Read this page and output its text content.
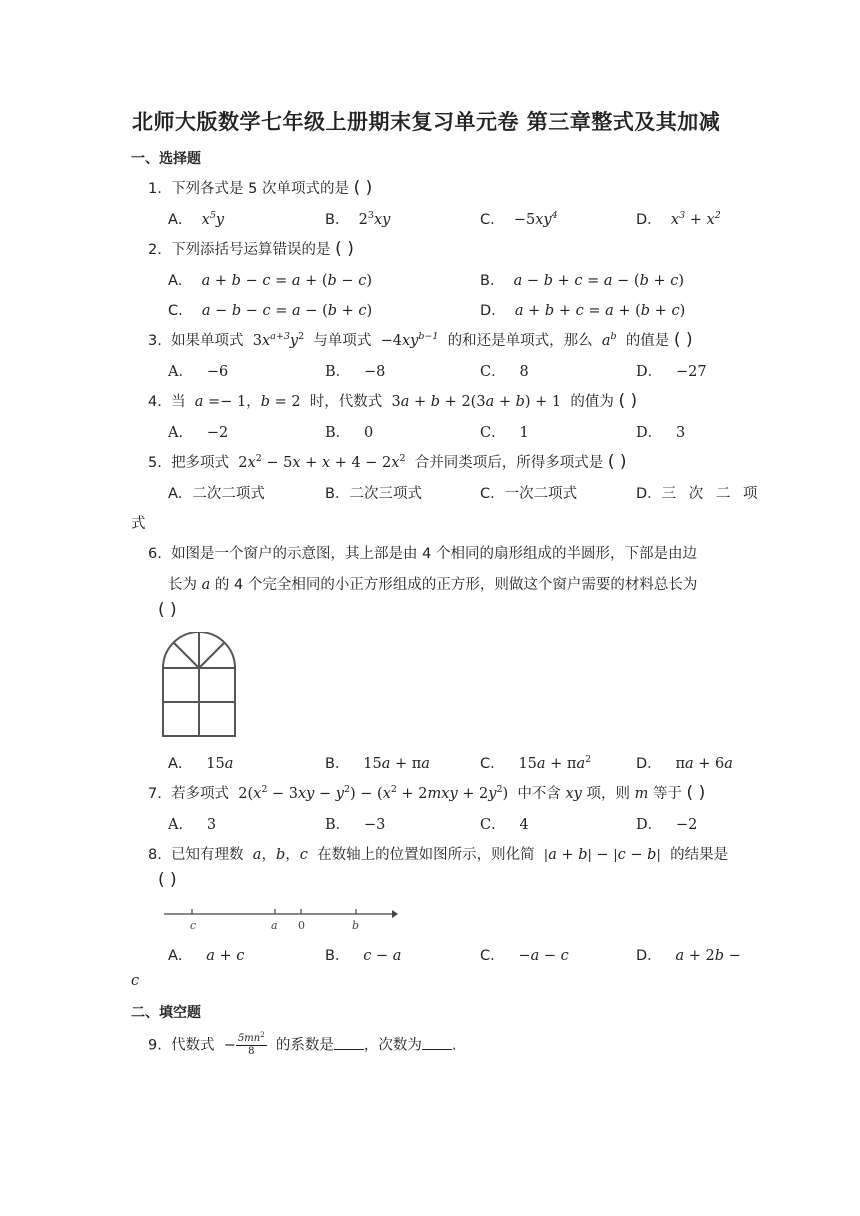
北师大版数学七年级上册期末复习单元卷 第三章整式及其加减
一、选择题
1. 下列各式是 5 次单项式的是 ( )
A． $x^5y$	B． $2^3xy$	C． $-5xy^4$	D． $x^3 + x^2$
2. 下列添括号运算错误的是 ( )
A． a + b − c = a + (b − c)	B． a − b + c = a − (b + c)
C． a − b − c = a − (b + c)	D． a + b + c = a + (b + c)
3. 如果单项式 $3x^{a+3}y^2$ 与单项式 $-4xy^{b-1}$ 的和还是单项式，那么 $a^b$ 的值是 ( )
A． −6	B． −8	C． 8	D． −27
4. 当 a =− 1，b = 2 时，代数式 3a + b + 2(3a + b) + 1 的值为 ( )
A． −2	B． 0	C． 1	D． 3
5. 把多项式 $2x^2 - 5x + x + 4 - 2x^2$ 合并同类项后，所得多项式是 ( )
A．二次二项式	B．二次三项式	C．一次二项式	D．三 次 二 项
式
6. 如图是一个窗户的示意图，其上部是由 4 个相同的扇形组成的半圆形，下部是由边
长为 a 的 4 个完全相同的小正方形组成的正方形，则做这个窗户需要的材料总长为
( )
A． 15a	B． 15a + πa	C． $15a + \pi a^2$	D． πa + 6a
7. 若多项式 $2(x^2 - 3xy - y^2) - (x^2 + 2mxy + 2y^2)$ 中不含 xy 项，则 m 等于 ( )
A． 3	B． −3	C． 4	D． −2
8. 已知有理数 a，b，c 在数轴上的位置如图所示，则化简 |a + b| − |c − b| 的结果是
( )
c	a 0	b
A． a + c	B． c − a	C． −a − c	D． a + 2b −
c
二、填空题
9. 代数式 − $\frac{5mn^2}{8}$ 的系数是 ，次数为 .
